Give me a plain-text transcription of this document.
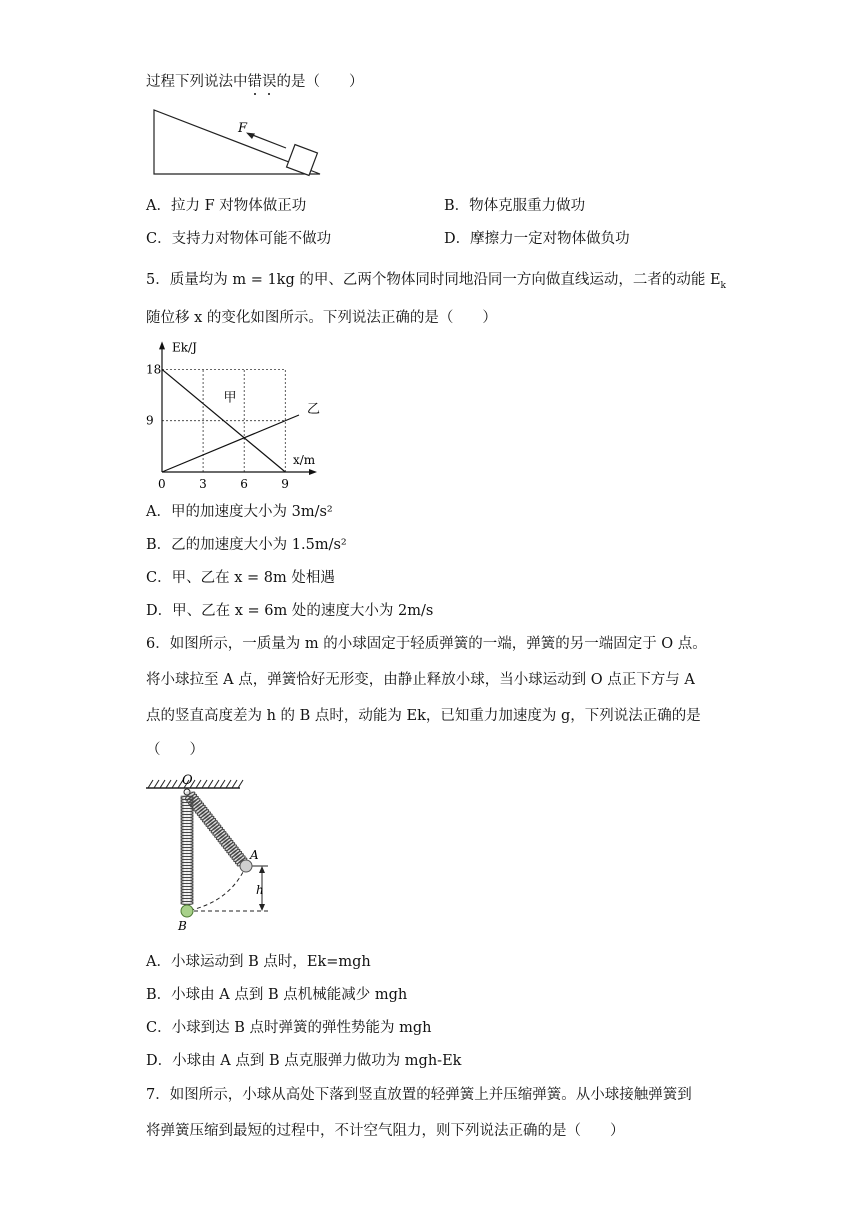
过程下列说法中错误的是（　　）
F
A．拉力 F 对物体做正功	B．物体克服重力做功
C．支持力对物体可能不做功	D．摩擦力一定对物体做负功
5．质量均为 m = 1kg 的甲、乙两个物体同时同地沿同一方向做直线运动，二者的动能 $E_k$
随位移 x 的变化如图所示。下列说法正确的是（　　）
0	3	6	9
9
18
Ek/J
x/m
甲
乙
A．甲的加速度大小为 3m/s²
B．乙的加速度大小为 1.5m/s²
C．甲、乙在 x = 8m 处相遇
D．甲、乙在 x = 6m 处的速度大小为 2m/s
6．如图所示，一质量为 m 的小球固定于轻质弹簧的一端，弹簧的另一端固定于 O 点。
将小球拉至 A 点，弹簧恰好无形变，由静止释放小球，当小球运动到 O 点正下方与 A
点的竖直高度差为 h 的 B 点时，动能为 Ek，已知重力加速度为 g，下列说法正确的是
（　　）
O
h
A
B
A．小球运动到 B 点时，Ek=mgh
B．小球由 A 点到 B 点机械能减少 mgh
C．小球到达 B 点时弹簧的弹性势能为 mgh
D．小球由 A 点到 B 点克服弹力做功为 mgh-Ek
7．如图所示，小球从高处下落到竖直放置的轻弹簧上并压缩弹簧。从小球接触弹簧到
将弹簧压缩到最短的过程中，不计空气阻力，则下列说法正确的是（　　）
